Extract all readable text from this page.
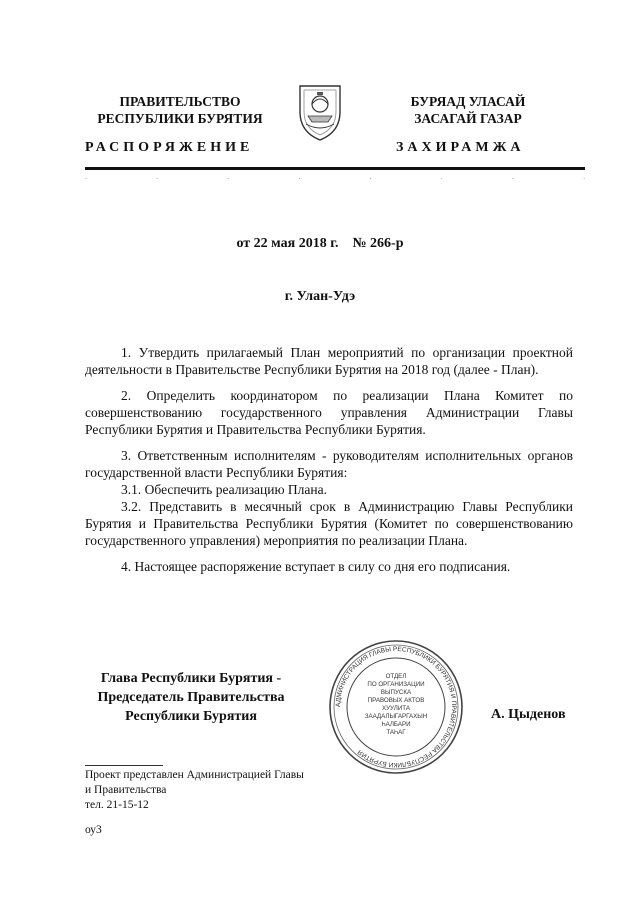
ПРАВИТЕЛЬСТВО
РЕСПУБЛИКИ БУРЯТИЯ
РАСПОРЯЖЕНИЕ
БУРЯАД УЛАСАЙ
ЗАСАГАЙ ГАЗАР
ЗАХИРАМЖА
.	.	.	.	.	.	.	.
от 22 мая 2018 г.    № 266-р
г. Улан-Удэ

1. Утвердить прилагаемый План мероприятий по организации проектной деятельности в Правительстве Республики Бурятия на 2018 год (далее - План).

2. Определить координатором по реализации Плана Комитет по совершенствованию государственного управления Администрации Главы Республики Бурятия и Правительства Республики Бурятия.

3. Ответственным исполнителям - руководителям исполнительных органов государственной власти Республики Бурятия:

3.1. Обеспечить реализацию Плана.

3.2. Представить в месячный срок в Администрацию Главы Республики Бурятия и Правительства Республики Бурятия (Комитет по совершенствованию государственного управления) мероприятия по реализации Плана.

4. Настоящее распоряжение вступает в силу со дня его подписания.

Глава Республики Бурятия -
Председатель Правительства
Республики Бурятия
АДМИНИСТРАЦИЯ ГЛАВЫ РЕСПУБЛИКИ БУРЯТИЯ И ПРАВИТЕЛЬСТВА РЕСПУБЛИКИ БУРЯТИЯ
ОТДЕЛ
ПО ОРГАНИЗАЦИИ
ВЫПУСКА
ПРАВОВЫХ АКТОВ
ХУУЛИТА
ЗААДАЛЫГАРГАХЫН
ҺАЛБАРИ
ТАҺАГ
А. Цыденов
Проект представлен Администрацией Главы
и Правительства
тел. 21-15-12
оу3
